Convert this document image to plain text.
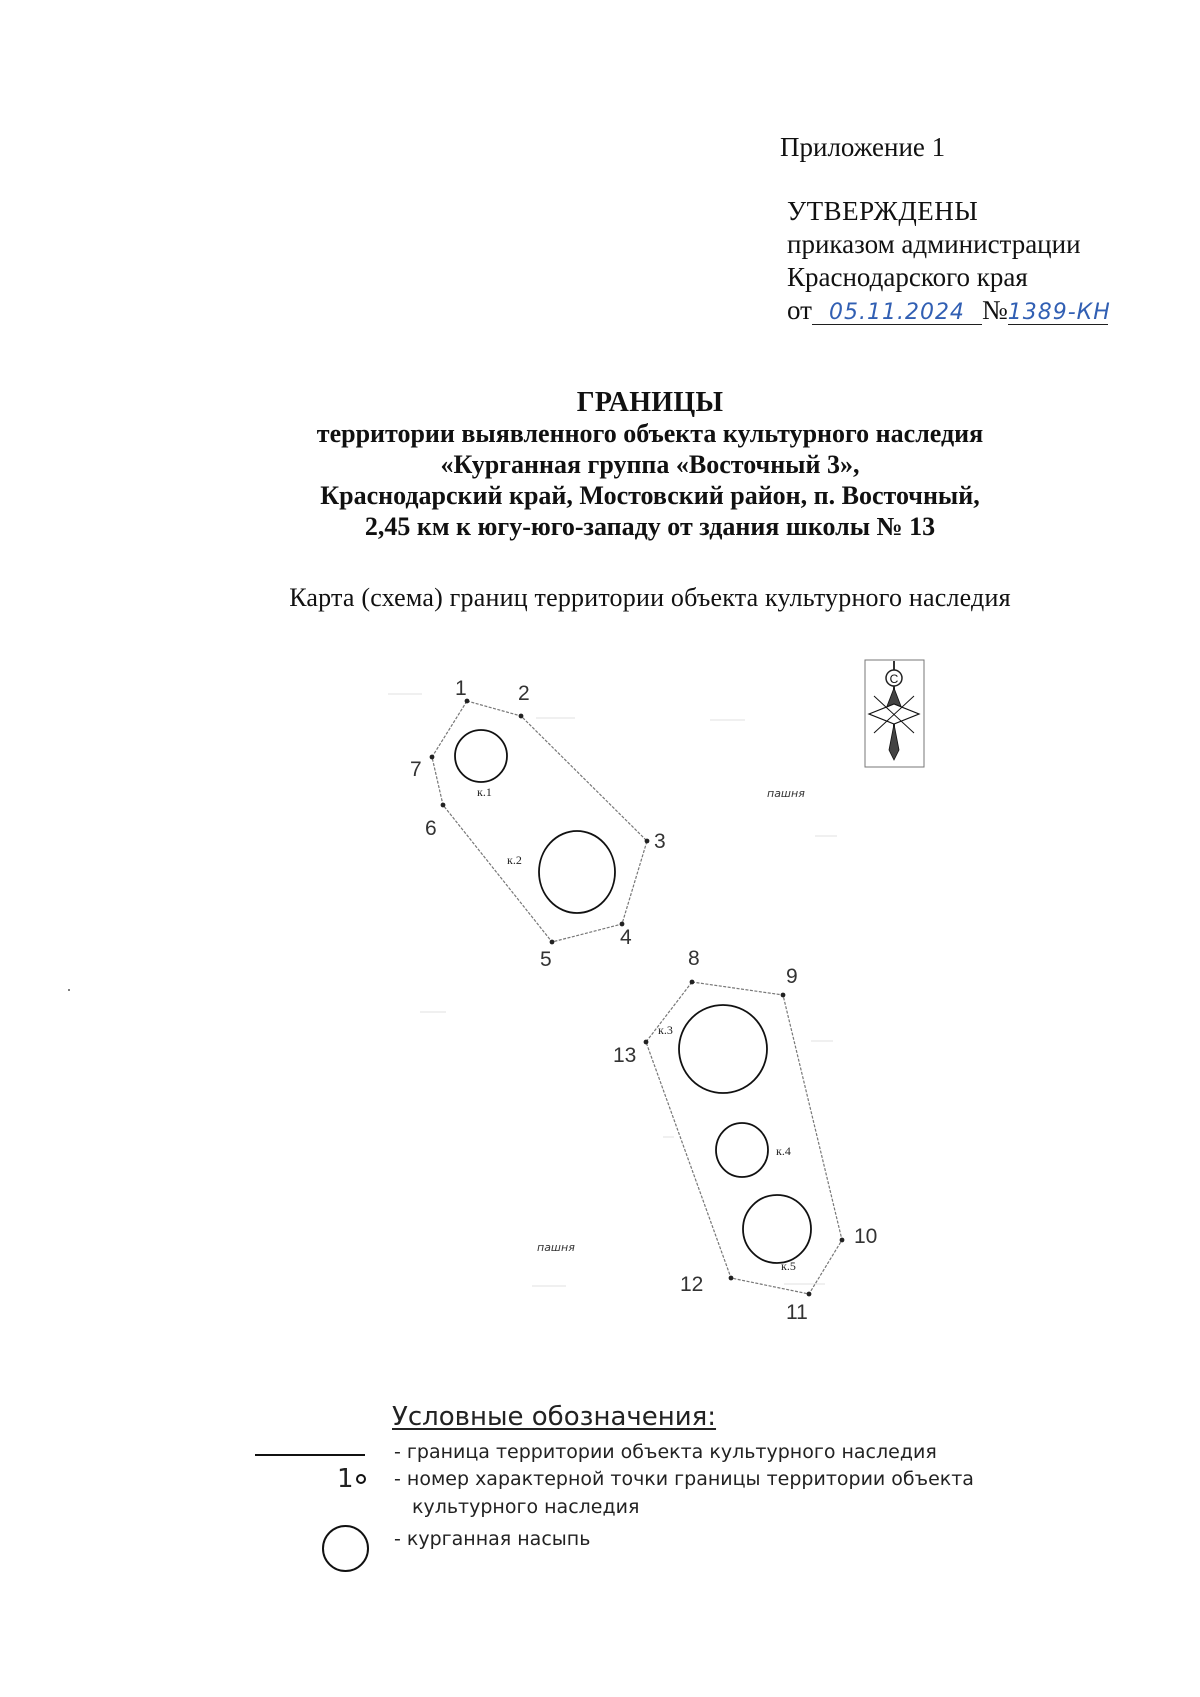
Приложение 1
УТВЕРЖДЕНЫ
приказом администрации
Краснодарского края
от 05.11.2024 №1389-КН
ГРАНИЦЫ
территории выявленного объекта культурного наследия
«Курганная группа «Восточный 3»,
Краснодарский край, Мостовский район, п. Восточный,
2,45 км к югу-юго-западу от здания школы № 13
Карта (схема) границ территории объекта культурного наследия
С
1 2
3
4
5
6
7
8
9
10
11
12
13
к.1
к.2
к.3
к.4
к.5
пашня
пашня
Условные обозначения:
- граница территории объекта культурного наследия
1 - номер характерной точки границы территории объекта
культурного наследия
- курганная насыпь
